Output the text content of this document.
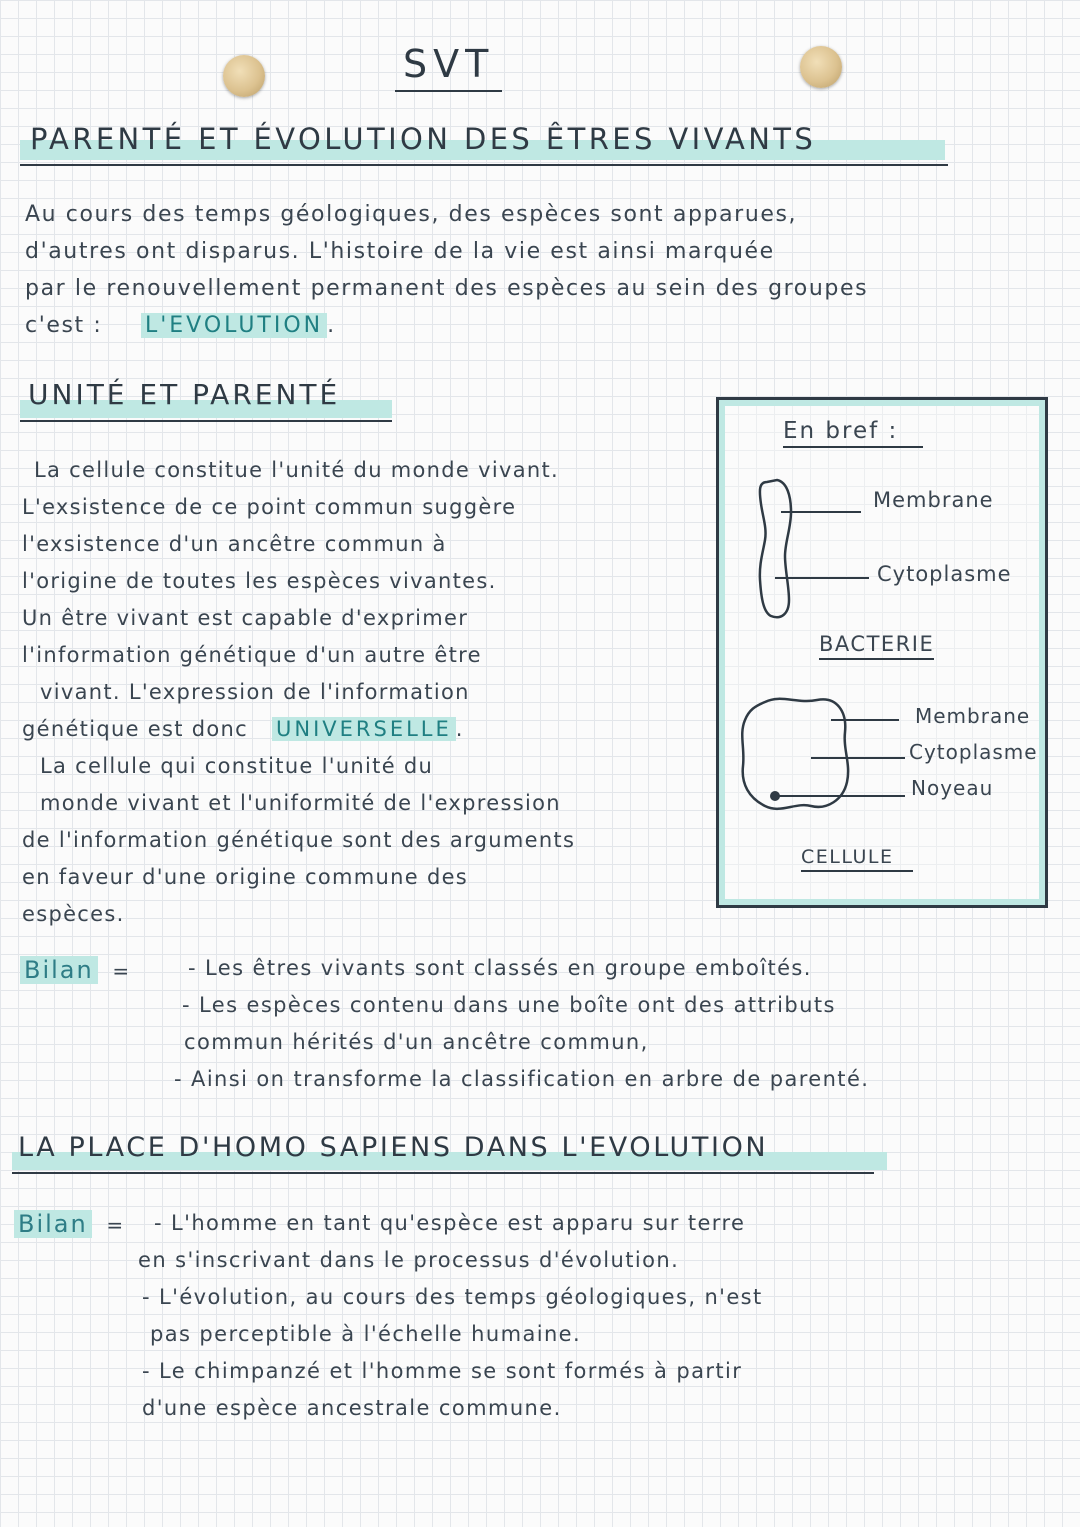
SVT
PARENTÉ ET ÉVOLUTION DES ÊTRES VIVANTS
Au cours des temps géologiques, des espèces sont apparues,
d'autres ont disparus. L'histoire de la vie est ainsi marquée
par le renouvellement permanent des espèces au sein des groupes
c'est : L'EVOLUTION .
UNITÉ ET PARENTÉ
La cellule constitue l'unité du monde vivant.
L'exsistence de ce point commun suggère
l'exsistence d'un ancêtre commun à
l'origine de toutes les espèces vivantes.
Un être vivant est capable d'exprimer
l'information génétique d'un autre être
vivant. L'expression de l'information
génétique est donc UNIVERSELLE .
La cellule qui constitue l'unité du
monde vivant et l'uniformité de l'expression
de l'information génétique sont des arguments
en faveur d'une origine commune des
espèces.
En bref :
Membrane
Cytoplasme
BACTERIE
Membrane
Cytoplasme
Noyeau
CELLULE
Bilan =	- Les êtres vivants sont classés en groupe emboîtés.
- Les espèces contenu dans une boîte ont des attributs
commun hérités d'un ancêtre commun,
- Ainsi on transforme la classification en arbre de parenté.
LA PLACE D'HOMO SAPIENS DANS L'EVOLUTION
Bilan =	- L'homme en tant qu'espèce est apparu sur terre
en s'inscrivant dans le processus d'évolution.
- L'évolution, au cours des temps géologiques, n'est
pas perceptible à l'échelle humaine.
- Le chimpanzé et l'homme se sont formés à partir
d'une espèce ancestrale commune.
